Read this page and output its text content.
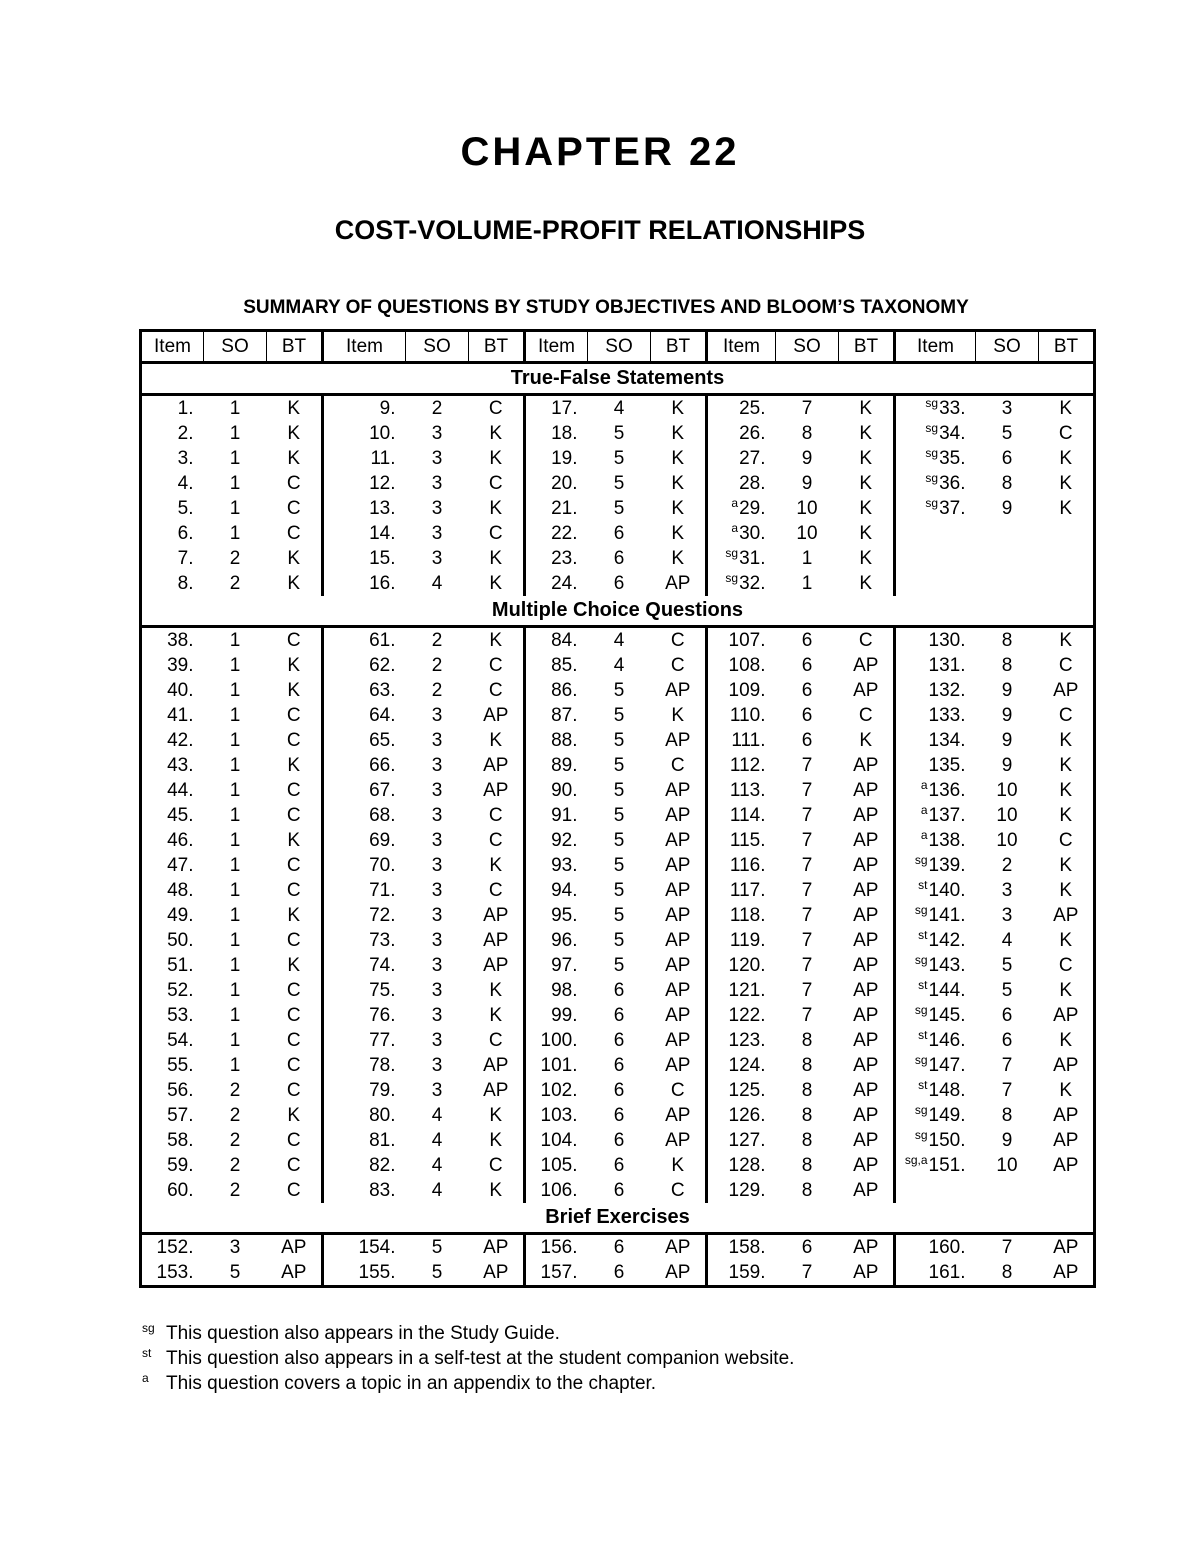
CHAPTER 22
COST-VOLUME-PROFIT RELATIONSHIPS
SUMMARY OF QUESTIONS BY STUDY OBJECTIVES AND BLOOM’S TAXONOMY
Item	SO	BT	Item	SO	BT	Item	SO	BT	Item	SO	BT	Item	SO	BT
True-False Statements														
1.	1	K	9.	2	C	17.	4	K	25.	7	K	$^{sg}$33.	3	K
2.	1	K	10.	3	K	18.	5	K	26.	8	K	$^{sg}$34.	5	C
3.	1	K	11.	3	K	19.	5	K	27.	9	K	$^{sg}$35.	6	K
4.	1	C	12.	3	C	20.	5	K	28.	9	K	$^{sg}$36.	8	K
5.	1	C	13.	3	K	21.	5	K	$^a$29.	10	K	$^{sg}$37.	9	K
6.	1	C	14.	3	C	22.	6	K	$^a$30.	10	K			
7.	2	K	15.	3	K	23.	6	K	$^{sg}$31.	1	K			
8.	2	K	16.	4	K	24.	6	AP	$^{sg}$32.	1	K			
Multiple Choice Questions														
38.	1	C	61.	2	K	84.	4	C	107.	6	C	130.	8	K
39.	1	K	62.	2	C	85.	4	C	108.	6	AP	131.	8	C
40.	1	K	63.	2	C	86.	5	AP	109.	6	AP	132.	9	AP
41.	1	C	64.	3	AP	87.	5	K	110.	6	C	133.	9	C
42.	1	C	65.	3	K	88.	5	AP	111.	6	K	134.	9	K
43.	1	K	66.	3	AP	89.	5	C	112.	7	AP	135.	9	K
44.	1	C	67.	3	AP	90.	5	AP	113.	7	AP	$^a$136.	10	K
45.	1	C	68.	3	C	91.	5	AP	114.	7	AP	$^a$137.	10	K
46.	1	K	69.	3	C	92.	5	AP	115.	7	AP	$^a$138.	10	C
47.	1	C	70.	3	K	93.	5	AP	116.	7	AP	$^{sg}$139.	2	K
48.	1	C	71.	3	C	94.	5	AP	117.	7	AP	$^{st}$140.	3	K
49.	1	K	72.	3	AP	95.	5	AP	118.	7	AP	$^{sg}$141.	3	AP
50.	1	C	73.	3	AP	96.	5	AP	119.	7	AP	$^{st}$142.	4	K
51.	1	K	74.	3	AP	97.	5	AP	120.	7	AP	$^{sg}$143.	5	C
52.	1	C	75.	3	K	98.	6	AP	121.	7	AP	$^{st}$144.	5	K
53.	1	C	76.	3	K	99.	6	AP	122.	7	AP	$^{sg}$145.	6	AP
54.	1	C	77.	3	C	100.	6	AP	123.	8	AP	$^{st}$146.	6	K
55.	1	C	78.	3	AP	101.	6	AP	124.	8	AP	$^{sg}$147.	7	AP
56.	2	C	79.	3	AP	102.	6	C	125.	8	AP	$^{st}$148.	7	K
57.	2	K	80.	4	K	103.	6	AP	126.	8	AP	$^{sg}$149.	8	AP
58.	2	C	81.	4	K	104.	6	AP	127.	8	AP	$^{sg}$150.	9	AP
59.	2	C	82.	4	C	105.	6	K	128.	8	AP	$^{sg,a}$151.	10	AP
60.	2	C	83.	4	K	106.	6	C	129.	8	AP			
Brief Exercises														
152.	3	AP	154.	5	AP	156.	6	AP	158.	6	AP	160.	7	AP
153.	5	AP	155.	5	AP	157.	6	AP	159.	7	AP	161.	8	AP
sg This question also appears in the Study Guide.
st This question also appears in a self-test at the student companion website.
a This question covers a topic in an appendix to the chapter.
